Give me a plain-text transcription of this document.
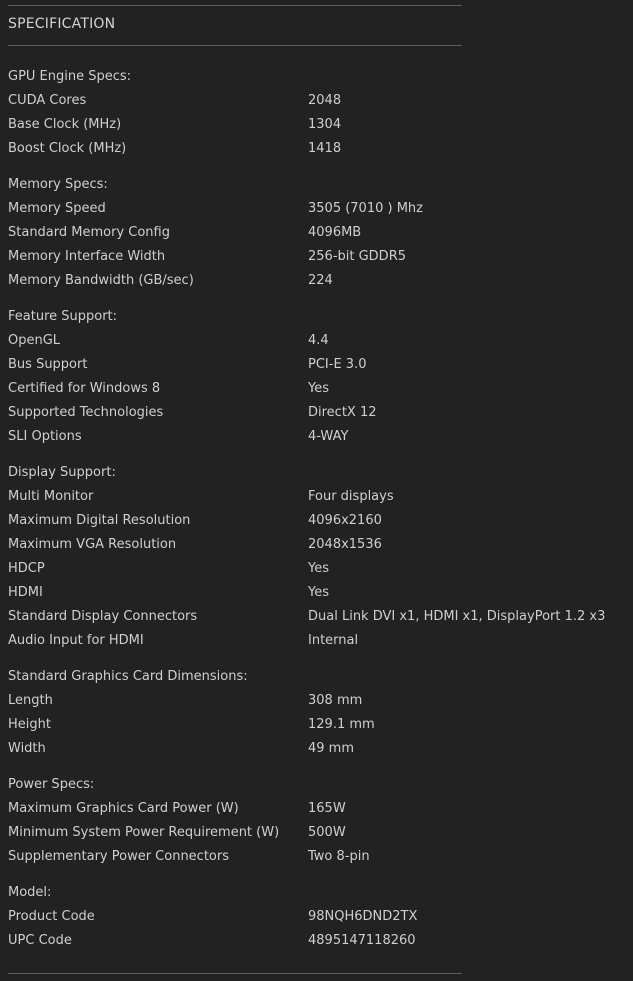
SPECIFICATION
GPU Engine Specs:
CUDA Cores	2048
Base Clock (MHz)	1304
Boost Clock (MHz)	1418
Memory Specs:
Memory Speed	3505 (7010 ) Mhz
Standard Memory Config	4096MB
Memory Interface Width	256-bit GDDR5
Memory Bandwidth (GB/sec)	224
Feature Support:
OpenGL	4.4
Bus Support	PCI-E 3.0
Certified for Windows 8	Yes
Supported Technologies	DirectX 12
SLI Options	4-WAY
Display Support:
Multi Monitor	Four displays
Maximum Digital Resolution	4096x2160
Maximum VGA Resolution	2048x1536
HDCP	Yes
HDMI	Yes
Standard Display Connectors	Dual Link DVI x1, HDMI x1, DisplayPort 1.2 x3
Audio Input for HDMI	Internal
Standard Graphics Card Dimensions:
Length	308 mm
Height	129.1 mm
Width	49 mm
Power Specs:
Maximum Graphics Card Power (W)	165W
Minimum System Power Requirement (W) 500W
Supplementary Power Connectors	Two 8-pin
Model:
Product Code	98NQH6DND2TX
UPC Code	4895147118260
